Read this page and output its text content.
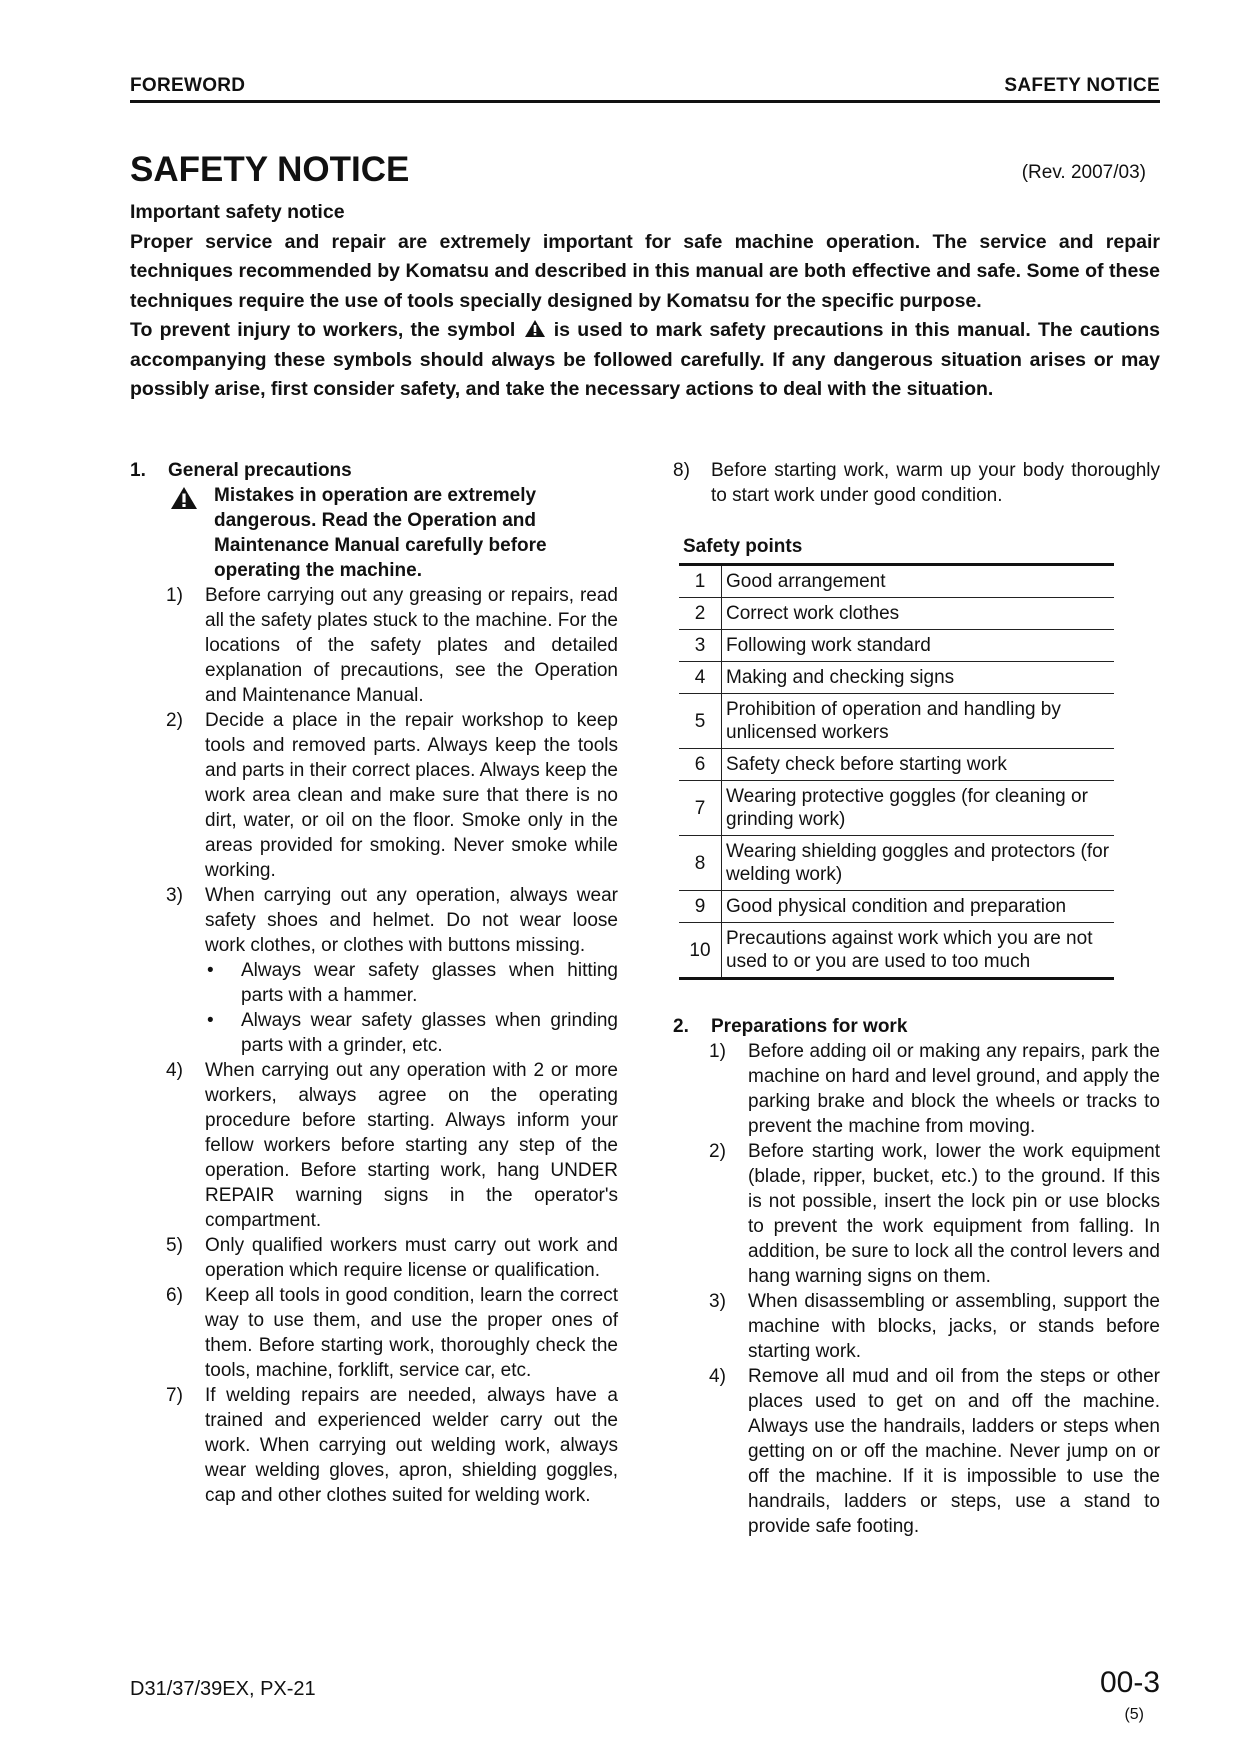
FOREWORD	SAFETY NOTICE
SAFETY NOTICE	(Rev. 2007/03)
Important safety notice

Proper service and repair are extremely important for safe machine operation. The service and repair techniques recommended by Komatsu and described in this manual are both effective and safe. Some of these techniques require the use of tools specially designed by Komatsu for the specific purpose.

To prevent injury to workers, the symbol is used to mark safety precautions in this manual. The cautions accompanying these symbols should always be followed carefully. If any dangerous situation arises or may possibly arise, first consider safety, and take the necessary actions to deal with the situation.

1. General precautions
Mistakes in operation are extremely dangerous. Read the Operation and Maintenance Manual carefully before operating the machine.
1) Before carrying out any greasing or repairs, read all the safety plates stuck to the machine. For the locations of the safety plates and detailed explanation of precautions, see the Operation and Maintenance Manual.
2) Decide a place in the repair workshop to keep tools and removed parts. Always keep the tools and parts in their correct places. Always keep the work area clean and make sure that there is no dirt, water, or oil on the floor. Smoke only in the areas provided for smoking. Never smoke while working.
3) When carrying out any operation, always wear safety shoes and helmet. Do not wear loose work clothes, or clothes with buttons missing.
• Always wear safety glasses when hitting parts with a hammer.
• Always wear safety glasses when grinding parts with a grinder, etc.
4) When carrying out any operation with 2 or more workers, always agree on the operating procedure before starting. Always inform your fellow workers before starting any step of the operation. Before starting work, hang UNDER REPAIR warning signs in the operator's compartment.
5) Only qualified workers must carry out work and operation which require license or qualification.
6) Keep all tools in good condition, learn the correct way to use them, and use the proper ones of them. Before starting work, thoroughly check the tools, machine, forklift, service car, etc.
7) If welding repairs are needed, always have a trained and experienced welder carry out the work. When carrying out welding work, always wear welding gloves, apron, shielding goggles, cap and other clothes suited for welding work.
8) Before starting work, warm up your body thoroughly to start work under good condition.
Safety points
1	Good arrangement
2	Correct work clothes
3	Following work standard
4	Making and checking signs
5	Prohibition of operation and handling by unlicensed workers
6	Safety check before starting work
7	Wearing protective goggles (for cleaning or grinding work)
8	Wearing shielding goggles and protectors (for welding work)
9	Good physical condition and preparation
10	Precautions against work which you are not used to or you are used to too much
2. Preparations for work
1) Before adding oil or making any repairs, park the machine on hard and level ground, and apply the parking brake and block the wheels or tracks to prevent the machine from moving.
2) Before starting work, lower the work equipment (blade, ripper, bucket, etc.) to the ground. If this is not possible, insert the lock pin or use blocks to prevent the work equipment from falling. In addition, be sure to lock all the control levers and hang warning signs on them.
3) When disassembling or assembling, support the machine with blocks, jacks, or stands before starting work.
4) Remove all mud and oil from the steps or other places used to get on and off the machine. Always use the handrails, ladders or steps when getting on or off the machine. Never jump on or off the machine. If it is impossible to use the handrails, ladders or steps, use a stand to provide safe footing.
D31/37/39EX, PX-21	00-3
(5)
